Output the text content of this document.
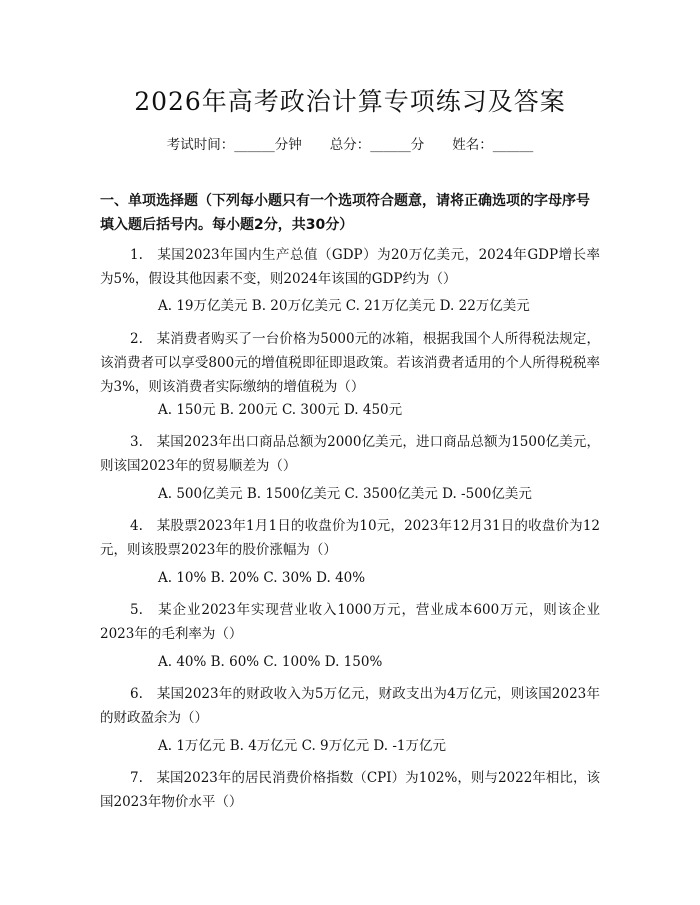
2026年高考政治计算专项练习及答案
考试时间：______分钟 总分：______分 姓名：______
一、单项选择题（下列每小题只有一个选项符合题意，请将正确选项的字母序号填入题后括号内。每小题2分，共30分）
1.　某国2023年国内生产总值（GDP）为20万亿美元，2024年GDP增长率为5%，假设其他因素不变，则2024年该国的GDP约为（）
A. 19万亿美元 B. 20万亿美元 C. 21万亿美元 D. 22万亿美元
2.　某消费者购买了一台价格为5000元的冰箱，根据我国个人所得税法规定，该消费者可以享受800元的增值税即征即退政策。若该消费者适用的个人所得税税率为3%，则该消费者实际缴纳的增值税为（）
A. 150元 B. 200元 C. 300元 D. 450元
3.　某国2023年出口商品总额为2000亿美元，进口商品总额为1500亿美元，则该国2023年的贸易顺差为（）
A. 500亿美元 B. 1500亿美元 C. 3500亿美元 D. -500亿美元
4.　某股票2023年1月1日的收盘价为10元，2023年12月31日的收盘价为12元，则该股票2023年的股价涨幅为（）
A. 10% B. 20% C. 30% D. 40%
5.　某企业2023年实现营业收入1000万元，营业成本600万元，则该企业2023年的毛利率为（）
A. 40% B. 60% C. 100% D. 150%
6.　某国2023年的财政收入为5万亿元，财政支出为4万亿元，则该国2023年的财政盈余为（）
A. 1万亿元 B. 4万亿元 C. 9万亿元 D. -1万亿元
7.　某国2023年的居民消费价格指数（CPI）为102%，则与2022年相比，该国2023年物价水平（）
